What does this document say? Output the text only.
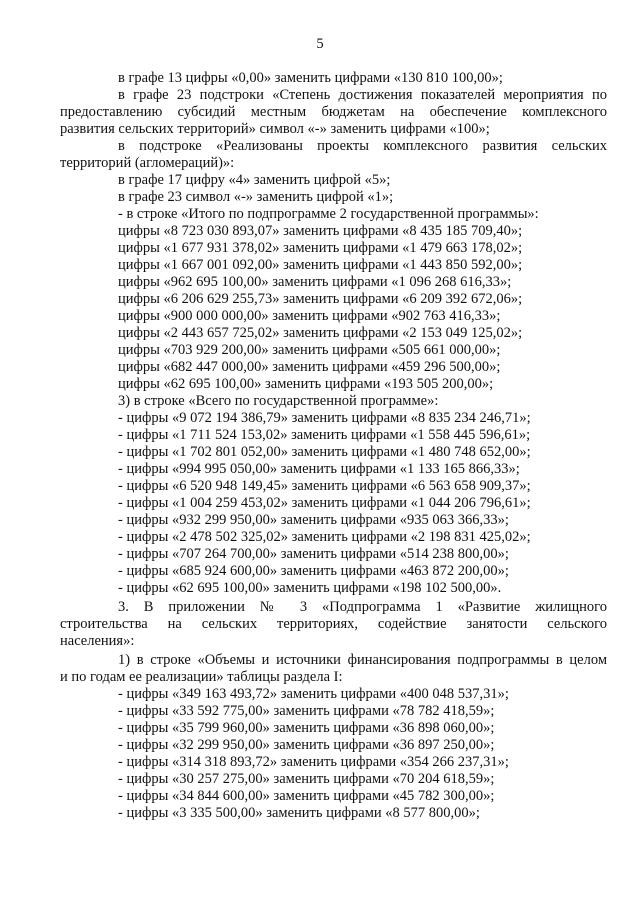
5
в графе 13 цифры «0,00» заменить цифрами «130 810 100,00»;
в графе 23 подстроки «Степень достижения показателей мероприятия по
предоставлению субсидий местным бюджетам на обеспечение комплексного
развития сельских территорий» символ «-» заменить цифрами «100»;
в подстроке «Реализованы проекты комплексного развития сельских
территорий (агломераций)»:
в графе 17 цифру «4» заменить цифрой «5»;
в графе 23 символ «-» заменить цифрой «1»;
- в строке «Итого по подпрограмме 2 государственной программы»:
цифры «8 723 030 893,07» заменить цифрами «8 435 185 709,40»;
цифры «1 677 931 378,02» заменить цифрами «1 479 663 178,02»;
цифры «1 667 001 092,00» заменить цифрами «1 443 850 592,00»;
цифры «962 695 100,00» заменить цифрами «1 096 268 616,33»;
цифры «6 206 629 255,73» заменить цифрами «6 209 392 672,06»;
цифры «900 000 000,00» заменить цифрами «902 763 416,33»;
цифры «2 443 657 725,02» заменить цифрами «2 153 049 125,02»;
цифры «703 929 200,00» заменить цифрами «505 661 000,00»;
цифры «682 447 000,00» заменить цифрами «459 296 500,00»;
цифры «62 695 100,00» заменить цифрами «193 505 200,00»;
3) в строке «Всего по государственной программе»:
- цифры «9 072 194 386,79» заменить цифрами «8 835 234 246,71»;
- цифры «1 711 524 153,02» заменить цифрами «1 558 445 596,61»;
- цифры «1 702 801 052,00» заменить цифрами «1 480 748 652,00»;
- цифры «994 995 050,00» заменить цифрами «1 133 165 866,33»;
- цифры «6 520 948 149,45» заменить цифрами «6 563 658 909,37»;
- цифры «1 004 259 453,02» заменить цифрами «1 044 206 796,61»;
- цифры «932 299 950,00» заменить цифрами «935 063 366,33»;
- цифры «2 478 502 325,02» заменить цифрами «2 198 831 425,02»;
- цифры «707 264 700,00» заменить цифрами «514 238 800,00»;
- цифры «685 924 600,00» заменить цифрами «463 872 200,00»;
- цифры «62 695 100,00» заменить цифрами «198 102 500,00».
3. В приложении № 3 «Подпрограмма 1 «Развитие жилищного
строительства на сельских территориях, содействие занятости сельского
населения»:
1) в строке «Объемы и источники финансирования подпрограммы в целом
и по годам ее реализации» таблицы раздела I:
- цифры «349 163 493,72» заменить цифрами «400 048 537,31»;
- цифры «33 592 775,00» заменить цифрами «78 782 418,59»;
- цифры «35 799 960,00» заменить цифрами «36 898 060,00»;
- цифры «32 299 950,00» заменить цифрами «36 897 250,00»;
- цифры «314 318 893,72» заменить цифрами «354 266 237,31»;
- цифры «30 257 275,00» заменить цифрами «70 204 618,59»;
- цифры «34 844 600,00» заменить цифрами «45 782 300,00»;
- цифры «3 335 500,00» заменить цифрами «8 577 800,00»;
